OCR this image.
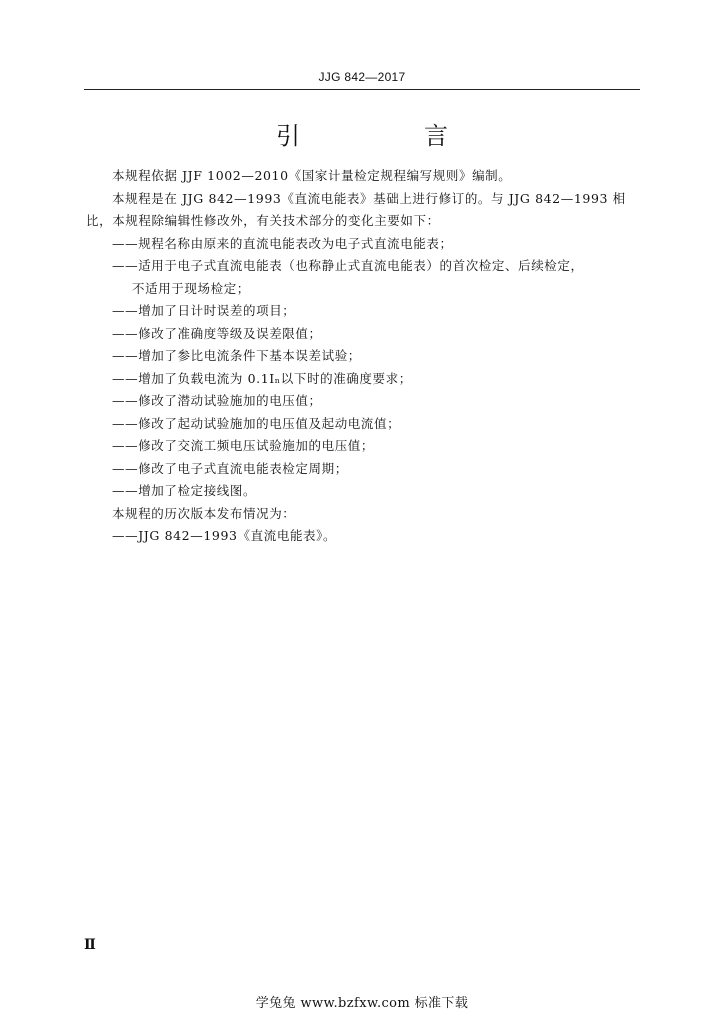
JJG 842—2017
引　言

本规程依据 JJF 1002—2010《国家计量检定规程编写规则》编制。

本规程是在 JJG 842—1993《直流电能表》基础上进行修订的。与 JJG 842—1993 相比，本规程除编辑性修改外，有关技术部分的变化主要如下：

——规程名称由原来的直流电能表改为电子式直流电能表；

——适用于电子式直流电能表（也称静止式直流电能表）的首次检定、后续检定，

不适用于现场检定；

——增加了日计时误差的项目；

——修改了准确度等级及误差限值；

——增加了参比电流条件下基本误差试验；

——增加了负载电流为 0.1Iₙ以下时的准确度要求；

——修改了潜动试验施加的电压值；

——修改了起动试验施加的电压值及起动电流值；

——修改了交流工频电压试验施加的电压值；

——修改了电子式直流电能表检定周期；

——增加了检定接线图。

本规程的历次版本发布情况为：

——JJG 842—1993《直流电能表》。

Ⅱ
学兔兔 www.bzfxw.com 标准下载
